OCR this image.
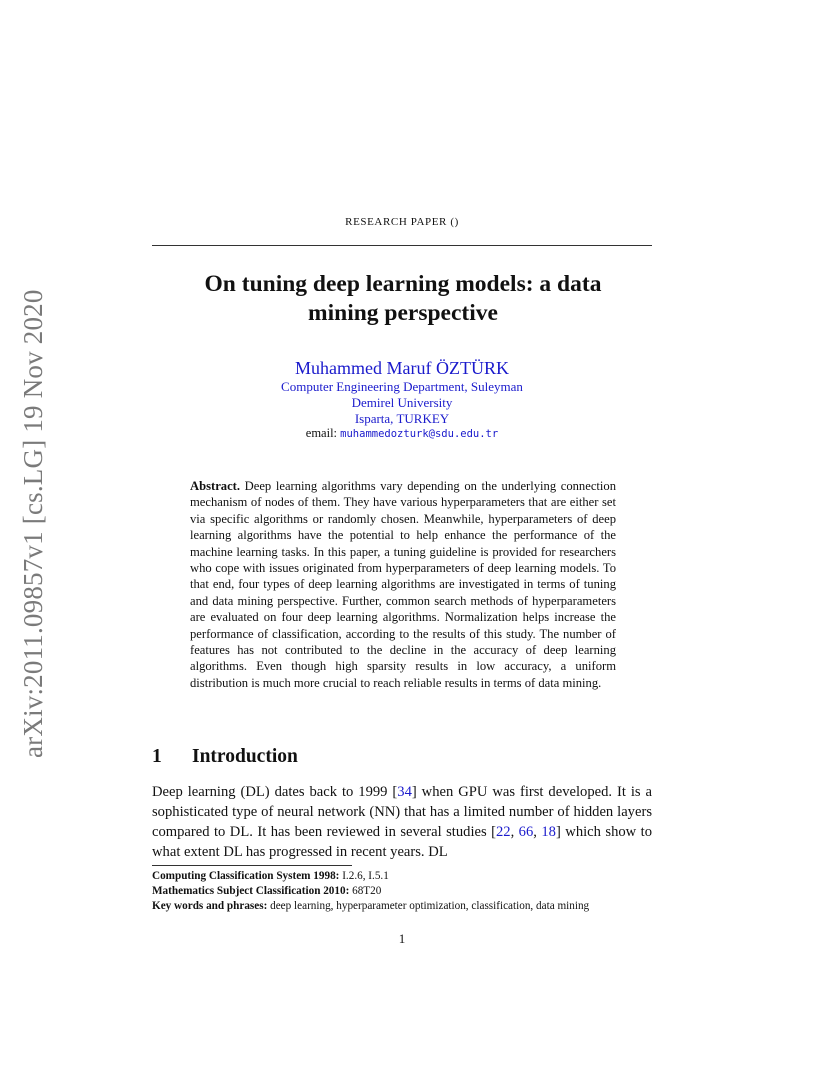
arXiv:2011.09857v1 [cs.LG] 19 Nov 2020
RESEARCH PAPER ()
On tuning deep learning models: a data
mining perspective
Muhammed Maruf ÖZTÜRK
Computer Engineering Department, Suleyman
Demirel University
Isparta, TURKEY
email: muhammedozturk@sdu.edu.tr
Abstract. Deep learning algorithms vary depending on the underlying connection mechanism of nodes of them. They have various hyperparameters that are either set via specific algorithms or randomly chosen. Meanwhile, hyperparameters of deep learning algorithms have the potential to help enhance the performance of the machine learning tasks. In this paper, a tuning guideline is provided for researchers who cope with issues originated from hyperparameters of deep learning models. To that end, four types of deep learning algorithms are investigated in terms of tuning and data mining perspective. Further, common search methods of hyperparameters are evaluated on four deep learning algorithms. Normalization helps increase the performance of classification, according to the results of this study. The number of features has not contributed to the decline in the accuracy of deep learning algorithms. Even though high sparsity results in low accuracy, a uniform distribution is much more crucial to reach reliable results in terms of data mining.
1 Introduction
Deep learning (DL) dates back to 1999 [34] when GPU was first developed. It is a sophisticated type of neural network (NN) that has a limited number of hidden layers compared to DL. It has been reviewed in several studies [22, 66, 18] which show to what extent DL has progressed in recent years. DL
Computing Classification System 1998: I.2.6, I.5.1
Mathematics Subject Classification 2010: 68T20
Key words and phrases: deep learning, hyperparameter optimization, classification, data mining
1
